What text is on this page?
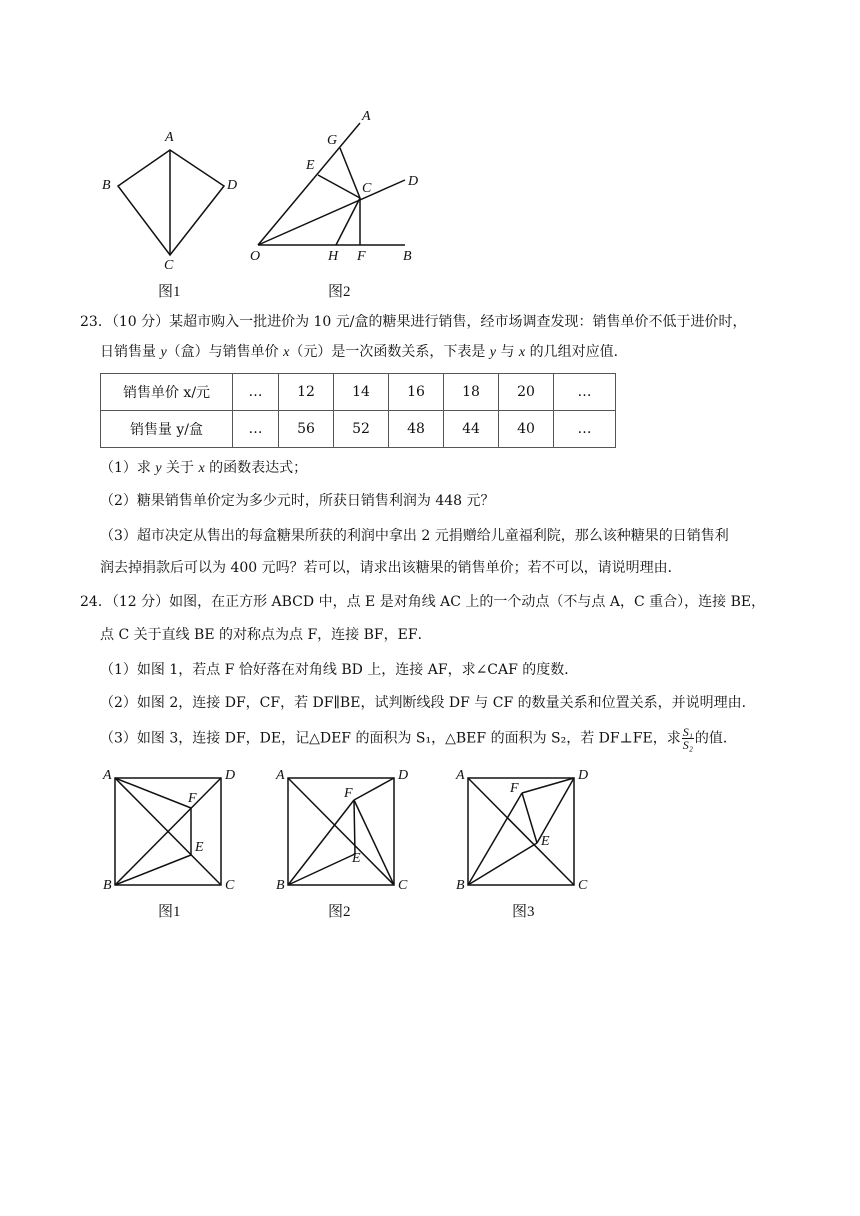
A
B	D
C
图1
A
G
E
C	D
O	H F	B
图2
23．（10 分）某超市购入一批进价为 10 元/盒的糖果进行销售，经市场调查发现：销售单价不低于进价时，
日销售量 y（盒）与销售单价 x（元）是一次函数关系，下表是 y 与 x 的几组对应值．
销售单价 x/元	…	12	14	16	18	20	…
销售量 y/盒	…	56	52	48	44	40	…
（1）求 y 关于 x 的函数表达式；
（2）糖果销售单价定为多少元时，所获日销售利润为 448 元？
（3）超市决定从售出的每盒糖果所获的利润中拿出 2 元捐赠给儿童福利院，那么该种糖果的日销售利
润去掉捐款后可以为 400 元吗？若可以，请求出该糖果的销售单价；若不可以，请说明理由．
24．（12 分）如图，在正方形 ABCD 中，点 E 是对角线 AC 上的一个动点（不与点 A，C 重合），连接 BE，
点 C 关于直线 BE 的对称点为点 F，连接 BF，EF．
（1）如图 1，若点 F 恰好落在对角线 BD 上，连接 AF，求∠CAF 的度数．
（2）如图 2，连接 DF，CF，若 DF∥BE，试判断线段 DF 与 CF 的数量关系和位置关系，并说明理由．
（3）如图 3，连接 DF，DE，记△DEF 的面积为 S₁，△BEF 的面积为 S₂，若 DF⊥FE，求 $\frac{\text{S₁}}{\text{S₂}}$ 的值．
A	D
F
E
B	C
图1
A	D
F
E
B	C
图2
A	D
F
E
B	C
图3
